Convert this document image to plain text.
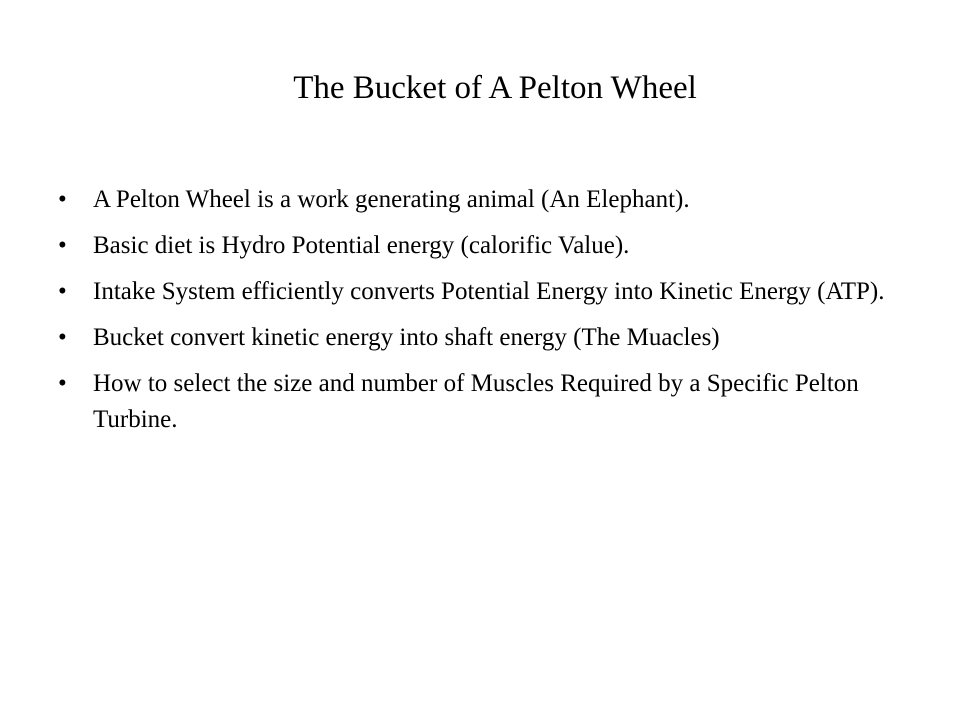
The Bucket of A Pelton Wheel
•	A Pelton Wheel is a work generating animal (An Elephant).
•	Basic diet is Hydro Potential energy (calorific Value).
•	Intake System efficiently converts Potential Energy into Kinetic Energy (ATP).
•	Bucket convert kinetic energy into shaft energy (The Muacles)
•	How to select the size and number of Muscles Required by a Specific Pelton Turbine.
